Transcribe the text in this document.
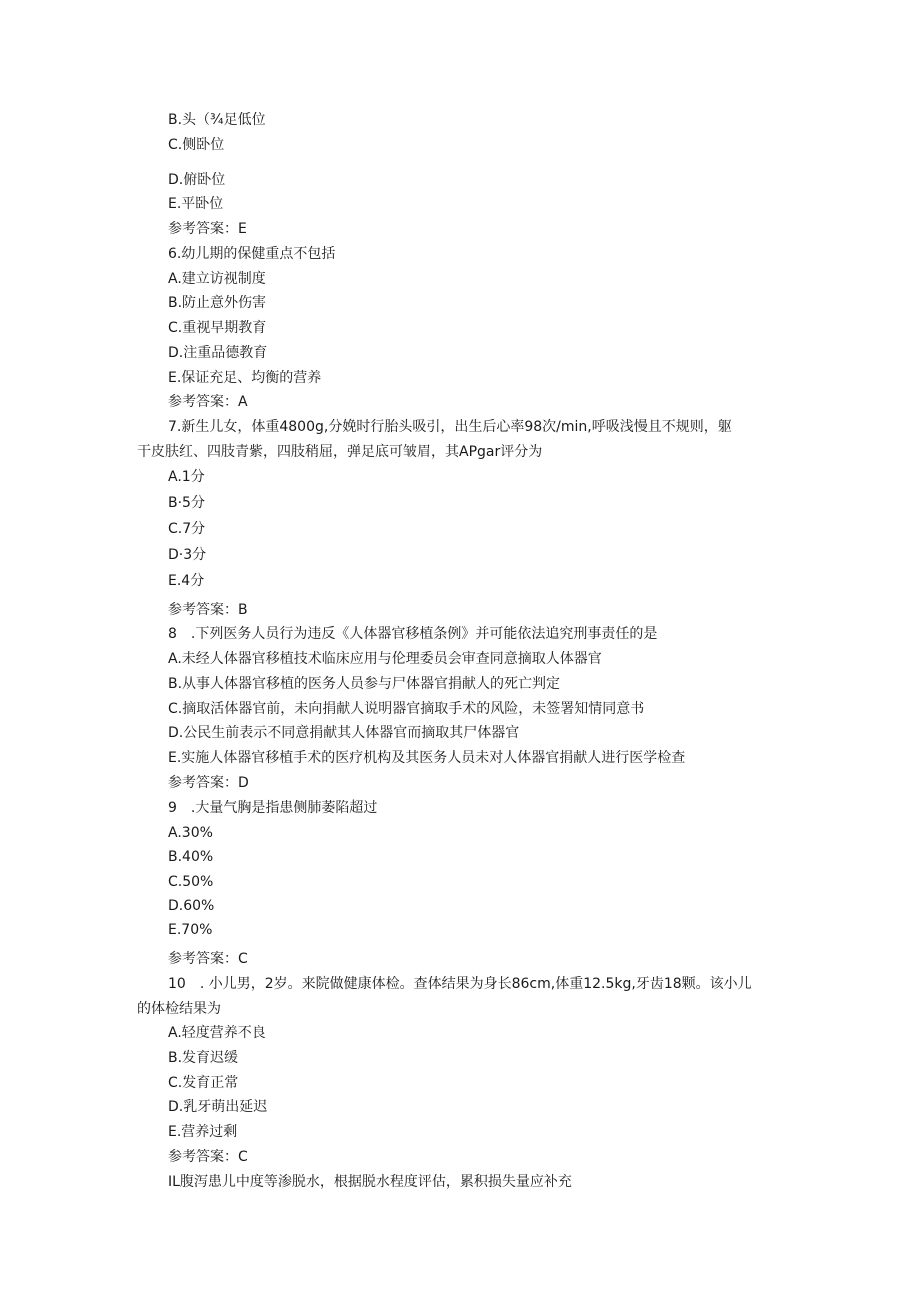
B.头（¾足低位
C.侧卧位
D.俯卧位
E.平卧位
参考答案：E
6.幼儿期的保健重点不包括
A.建立访视制度
B.防止意外伤害
C.重视早期教育
D.注重品德教育
E.保证充足、均衡的营养
参考答案：A
7.新生儿女，体重4800g,分娩时行胎头吸引，出生后心率98次/min,呼吸浅慢且不规则，躯
干皮肤红、四肢青紫，四肢稍屈，弹足底可皱眉，其APgar评分为
A.1分
B·5分
C.7分
D·3分
E.4分
参考答案：B
8　.下列医务人员行为违反《人体器官移植条例》并可能依法追究刑事责任的是
A.未经人体器官移植技术临床应用与伦理委员会审查同意摘取人体器官
B.从事人体器官移植的医务人员参与尸体器官捐献人的死亡判定
C.摘取活体器官前，未向捐献人说明器官摘取手术的风险，未签署知情同意书
D.公民生前表示不同意捐献其人体器官而摘取其尸体器官
E.实施人体器官移植手术的医疗机构及其医务人员未对人体器官捐献人进行医学检查
参考答案：D
9　.大量气胸是指患侧肺萎陷超过
A.30%
B.40%
C.50%
D.60%
E.70%
参考答案：C
10　. 小儿男，2岁。来院做健康体检。查体结果为身长86cm,体重12.5kg,牙齿18颗。该小儿
的体检结果为
A.轻度营养不良
B.发育迟缓
C.发育正常
D.乳牙萌出延迟
E.营养过剩
参考答案：C
IL腹泻患儿中度等渗脱水，根据脱水程度评估，累积损失量应补充
